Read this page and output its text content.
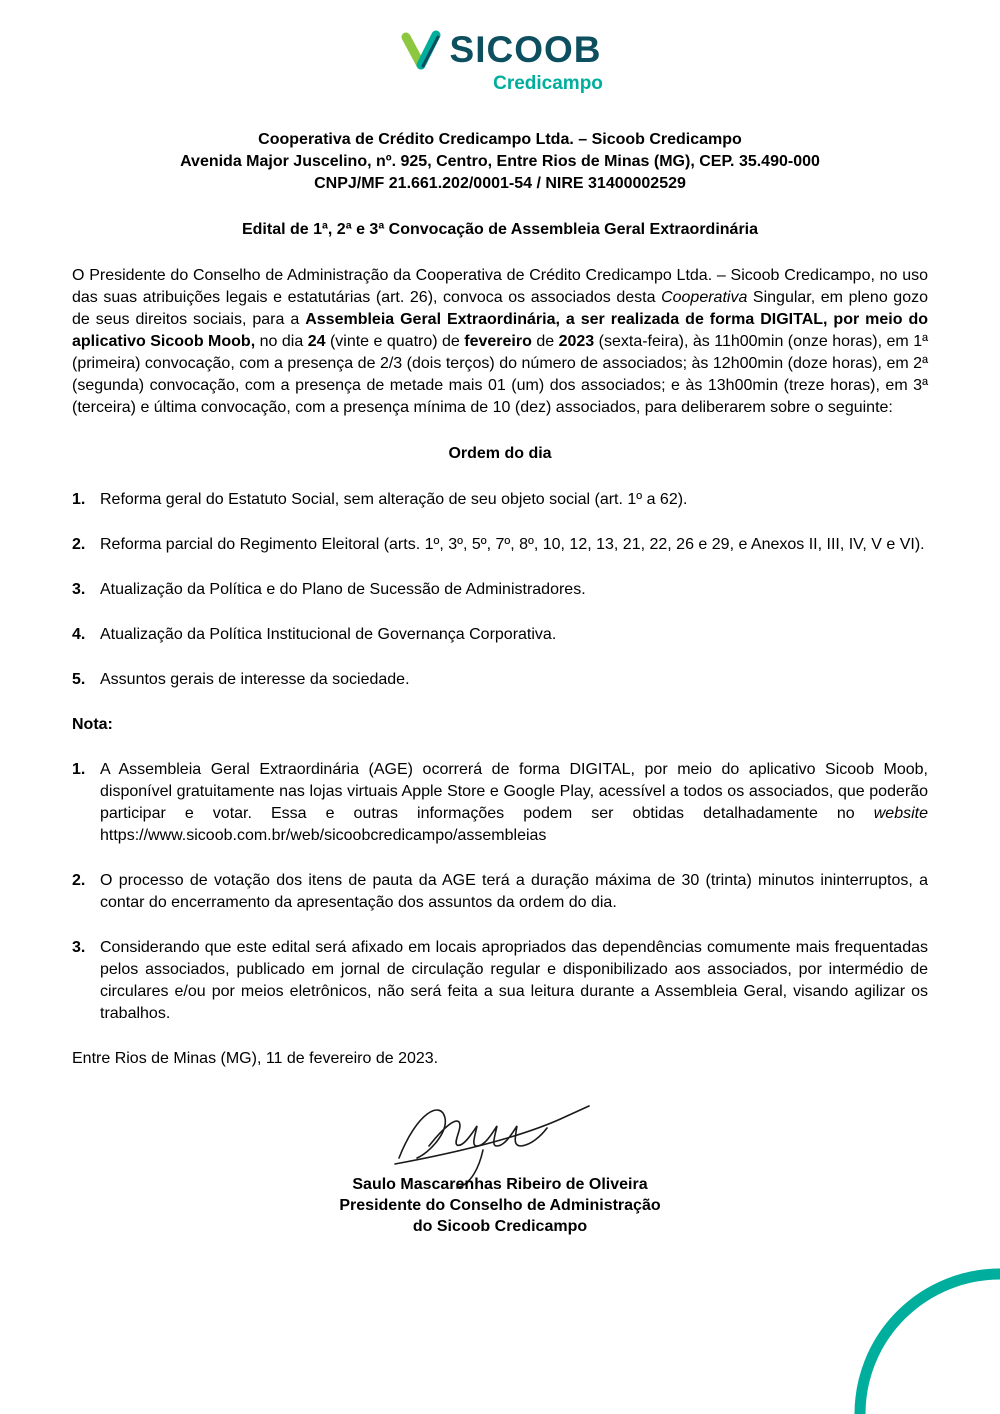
SICOOB
Credicampo

Cooperativa de Crédito Credicampo Ltda. – Sicoob Credicampo

Avenida Major Juscelino, nº. 925, Centro, Entre Rios de Minas (MG), CEP. 35.490-000

CNPJ/MF 21.661.202/0001-54 / NIRE 31400002529

Edital de 1ª, 2ª e 3ª Convocação de Assembleia Geral Extraordinária

O Presidente do Conselho de Administração da Cooperativa de Crédito Credicampo Ltda. – Sicoob Credicampo, no uso das suas atribuições legais e estatutárias (art. 26), convoca os associados desta Cooperativa Singular, em pleno gozo de seus direitos sociais, para a Assembleia Geral Extraordinária, a ser realizada de forma DIGITAL, por meio do aplicativo Sicoob Moob, no dia 24 (vinte e quatro) de fevereiro de 2023 (sexta-feira), às 11h00min (onze horas), em 1ª (primeira) convocação, com a presença de 2/3 (dois terços) do número de associados; às 12h00min (doze horas), em 2ª (segunda) convocação, com a presença de metade mais 01 (um) dos associados; e às 13h00min (treze horas), em 3ª (terceira) e última convocação, com a presença mínima de 10 (dez) associados, para deliberarem sobre o seguinte:

Ordem do dia

1. Reforma geral do Estatuto Social, sem alteração de seu objeto social (art. 1º a 62).
2. Reforma parcial do Regimento Eleitoral (arts. 1º, 3º, 5º, 7º, 8º, 10, 12, 13, 21, 22, 26 e 29, e Anexos II, III, IV, V e VI).
3. Atualização da Política e do Plano de Sucessão de Administradores.
4. Atualização da Política Institucional de Governança Corporativa.
5. Assuntos gerais de interesse da sociedade.

Nota:

1. A Assembleia Geral Extraordinária (AGE) ocorrerá de forma DIGITAL, por meio do aplicativo Sicoob Moob, disponível gratuitamente nas lojas virtuais Apple Store e Google Play, acessível a todos os associados, que poderão participar e votar. Essa e outras informações podem ser obtidas detalhadamente no website https://www.sicoob.com.br/web/sicoobcredicampo/assembleias
2. O processo de votação dos itens de pauta da AGE terá a duração máxima de 30 (trinta) minutos ininterruptos, a contar do encerramento da apresentação dos assuntos da ordem do dia.
3. Considerando que este edital será afixado em locais apropriados das dependências comumente mais frequentadas pelos associados, publicado em jornal de circulação regular e disponibilizado aos associados, por intermédio de circulares e/ou por meios eletrônicos, não será feita a sua leitura durante a Assembleia Geral, visando agilizar os trabalhos.

Entre Rios de Minas (MG), 11 de fevereiro de 2023.

Saulo Mascarenhas Ribeiro de Oliveira

Presidente do Conselho de Administração

do Sicoob Credicampo
